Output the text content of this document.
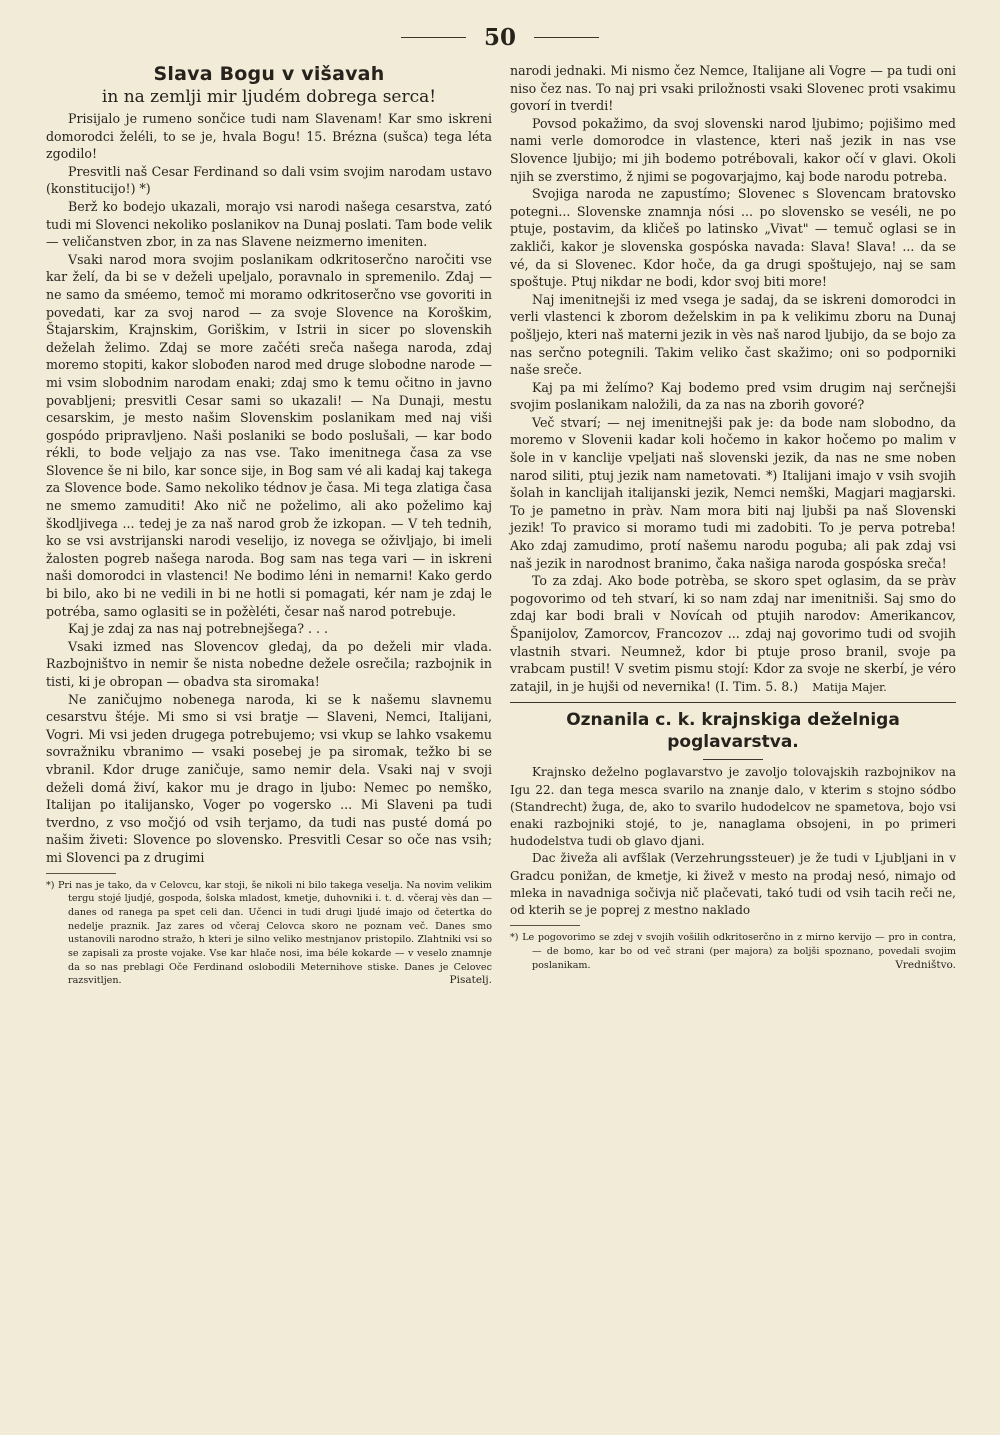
50
Slava Bogu v višavah
in na zemlji mir ljudém dobrega serca!

Prisijalo je rumeno sončice tudi nam Slavenam! Kar smo iskreni domorodci želéli, to se je, hvala Bogu! 15. Brézna (sušca) tega léta zgodilo!

Presvitli naš Cesar Ferdinand so dali vsim svojim narodam ustavo (konstitucijo!) *)

Berž ko bodejo ukazali, morajo vsi narodi našega cesarstva, zató tudi mi Slovenci nekoliko poslanikov na Dunaj poslati. Tam bode velik — veličanstven zbor, in za nas Slavene neizmerno imeniten.

Vsaki narod mora svojim poslanikam odkritoserčno naročiti vse kar želí, da bi se v deželi upeljalo, poravnalo in spremenilo. Zdaj — ne samo da sméemo, temoč mi moramo odkritoserčno vse govoriti in povedati, kar za svoj narod — za svoje Slovence na Koroškim, Štajarskim, Krajnskim, Goriškim, v Istrii in sicer po slovenskih deželah želimo. Zdaj se more začéti sreča našega naroda, zdaj moremo stopiti, kakor slobođen narod med druge slobodne narode — mi vsim slobodnim narodam enaki; zdaj smo k temu očitno in javno povabljeni; presvitli Cesar sami so ukazali! — Na Dunaji, mestu cesarskim, je mesto našim Slovenskim poslanikam med naj viši gospódo pripravljeno. Naši poslaniki se bodo poslušali, — kar bodo rékli, to bode veljajo za nas vse. Tako imenitnega časa za vse Slovence še ni bilo, kar sonce sije, in Bog sam vé ali kadaj kaj takega za Slovence bode. Samo nekoliko tédnov je časa. Mi tega zlatiga časa ne smemo zamuditi! Ako nič ne poželimo, ali ako poželimo kaj škodljivega ... tedej je za naš narod grob že izkopan. — V teh tednih, ko se vsi avstrijanski narodi veselijo, iz novega se oživljajo, bi imeli žalosten pogreb našega naroda. Bog sam nas tega vari — in iskreni naši domorodci in vlastenci! Ne bodimo léni in nemarni! Kako gerdo bi bilo, ako bi ne vedili in bi ne hotli si pomagati, kér nam je zdaj le potréba, samo oglasiti se in požèléti, česar naš narod potrebuje.

Kaj je zdaj za nas naj potrebnejšega? . . .

Vsaki izmed nas Slovencov gledaj, da po deželi mir vlada. Razbojništvo in nemir še nista nobedne dežele osrečila; razbojnik in tisti, ki je obropan — obadva sta siromaka!

Ne zaničujmo nobenega naroda, ki se k našemu slavnemu cesarstvu štéje. Mi smo si vsi bratje — Slaveni, Nemci, Italijani, Vogri. Mi vsi jeden drugega potrebujemo; vsi vkup se lahko vsakemu sovražniku vbranimo — vsaki posebej je pa siromak, težko bi se vbranil. Kdor druge zaničuje, samo nemir dela. Vsaki naj v svoji deželi domá živí, kakor mu je drago in ljubo: Nemec po nemško, Italijan po italijansko, Voger po vogersko ... Mi Slaveni pa tudi tverdno, z vso močjó od vsih terjamo, da tudi nas pusté domá po našim živeti: Slovence po slovensko. Presvitli Cesar so oče nas vsih; mi Slovenci pa z drugimi

*) Pri nas je tako, da v Celovcu, kar stoji, še nikoli ni bilo takega veselja. Na novim velikim tergu stojé ljudjé, gospoda, šolska mladost, kmetje, duhovniki i. t. d. včeraj vès dan — danes od ranega pa spet celi dan. Učenci in tudi drugi ljudé imajo od četertka do nedelje praznik. Jaz zares od včeraj Celovca skoro ne poznam več. Danes smo ustanovili narodno stražo, h kteri je silno veliko mestnjanov pristopilo. Zlahtniki vsi so se zapisali za proste vojake. Vse kar hlače nosi, ima béle kokarde — v veselo znamnje da so nas preblagi Oče Ferdinand oslobodili Meternihove stiske. Danes je Celovec razsvitljen.	Pisatelj.

narodi jednaki. Mi nismo čez Nemce, Italijane ali Vogre — pa tudi oni niso čez nas. To naj pri vsaki priložnosti vsaki Slovenec proti vsakimu govorí in tverdi!

Povsod pokažimo, da svoj slovenski narod ljubimo; pojišimo med nami verle domorodce in vlastence, kteri naš jezik in nas vse Slovence ljubijo; mi jih bodemo potrébovali, kakor očí v glavi. Okoli njih se zverstimo, ž njimi se pogovarjajmo, kaj bode narodu potreba.

Svojiga naroda ne zapustímo; Slovenec s Slovencam bratovsko potegni... Slovenske znamnja nósi ... po slovensko se veséli, ne po ptuje, postavim, da kličeš po latinsko „Vivat" — temuč oglasi se in zakliči, kakor je slovenska gospóska navada: Slava! Slava! ... da se vé, da si Slovenec. Kdor hoče, da ga drugi spoštujejo, naj se sam spoštuje. Ptuj nikdar ne bodi, kdor svoj biti more!

Naj imenitnejši iz med vsega je sadaj, da se iskreni domorodci in verli vlastenci k zborom deželskim in pa k velikimu zboru na Dunaj pošljejo, kteri naš materni jezik in vès naš narod ljubijo, da se bojo za nas serčno potegnili. Takim veliko čast skažimo; oni so podporniki naše sreče.

Kaj pa mi želímo? Kaj bodemo pred vsim drugim naj serčnejši svojim poslanikam naložili, da za nas na zborih govoré?

Več stvarí; — nej imenitnejši pak je: da bode nam slobodno, da moremo v Slovenii kadar koli hočemo in kakor hočemo po malim v šole in v kanclije vpeljati naš slovenski jezik, da nas ne sme noben narod siliti, ptuj jezik nam nametovati. *) Italijani imajo v vsih svojih šolah in kanclijah italijanski jezik, Nemci nemški, Magjari magjarski. To je pametno in pràv. Nam mora biti naj ljubši pa naš Slovenski jezik! To pravico si moramo tudi mi zadobiti. To je perva potreba! Ako zdaj zamudimo, protí našemu narodu poguba; ali pak zdaj vsi naš jezik in narodnost branimo, čaka našiga naroda gospóska sreča!

To za zdaj. Ako bode potrèba, se skoro spet oglasim, da se pràv pogovorimo od teh stvarí, ki so nam zdaj nar imenitniši. Saj smo do zdaj kar bodi brali v Novícah od ptujih narodov: Amerikancov, Španijolov, Zamorcov, Francozov ... zdaj naj govorimo tudi od svojih vlastnih stvari. Neumnež, kdor bi ptuje proso branil, svoje pa vrabcam pustil! V svetim pismu stojí: Kdor za svoje ne skerbí, je véro zatajil, in je hujši od nevernika! (I. Tim. 5. 8.) Matija Majer.

Oznanila c. k. krajnskiga deželniga
poglavarstva.

Krajnsko deželno poglavarstvo je zavoljo tolovajskih razbojnikov na Igu 22. dan tega mesca svarilo na znanje dalo, v kterim s stojno sódbo (Standrecht) žuga, de, ako to svarilo hudodelcov ne spametova, bojo vsi enaki razbojniki stojé, to je, nanaglama obsojeni, in po primeri hudodelstva tudi ob glavo djani.

Dac živeža ali avfšlak (Verzehrungssteuer) je že tudi v Ljubljani in v Gradcu ponižan, de kmetje, ki živež v mesto na prodaj nesó, nimajo od mleka in navadniga sočivja nič plačevati, takó tudi od vsih tacih reči ne, od kterih se je poprej z mestno naklado

*) Le pogovorimo se zdej v svojih vošilih odkritoserčno in z mirno kervijo — pro in contra, — de bomo, kar bo od več strani (per majora) za boljši spoznano, povedali svojim poslanikam.	Vredništvo.
